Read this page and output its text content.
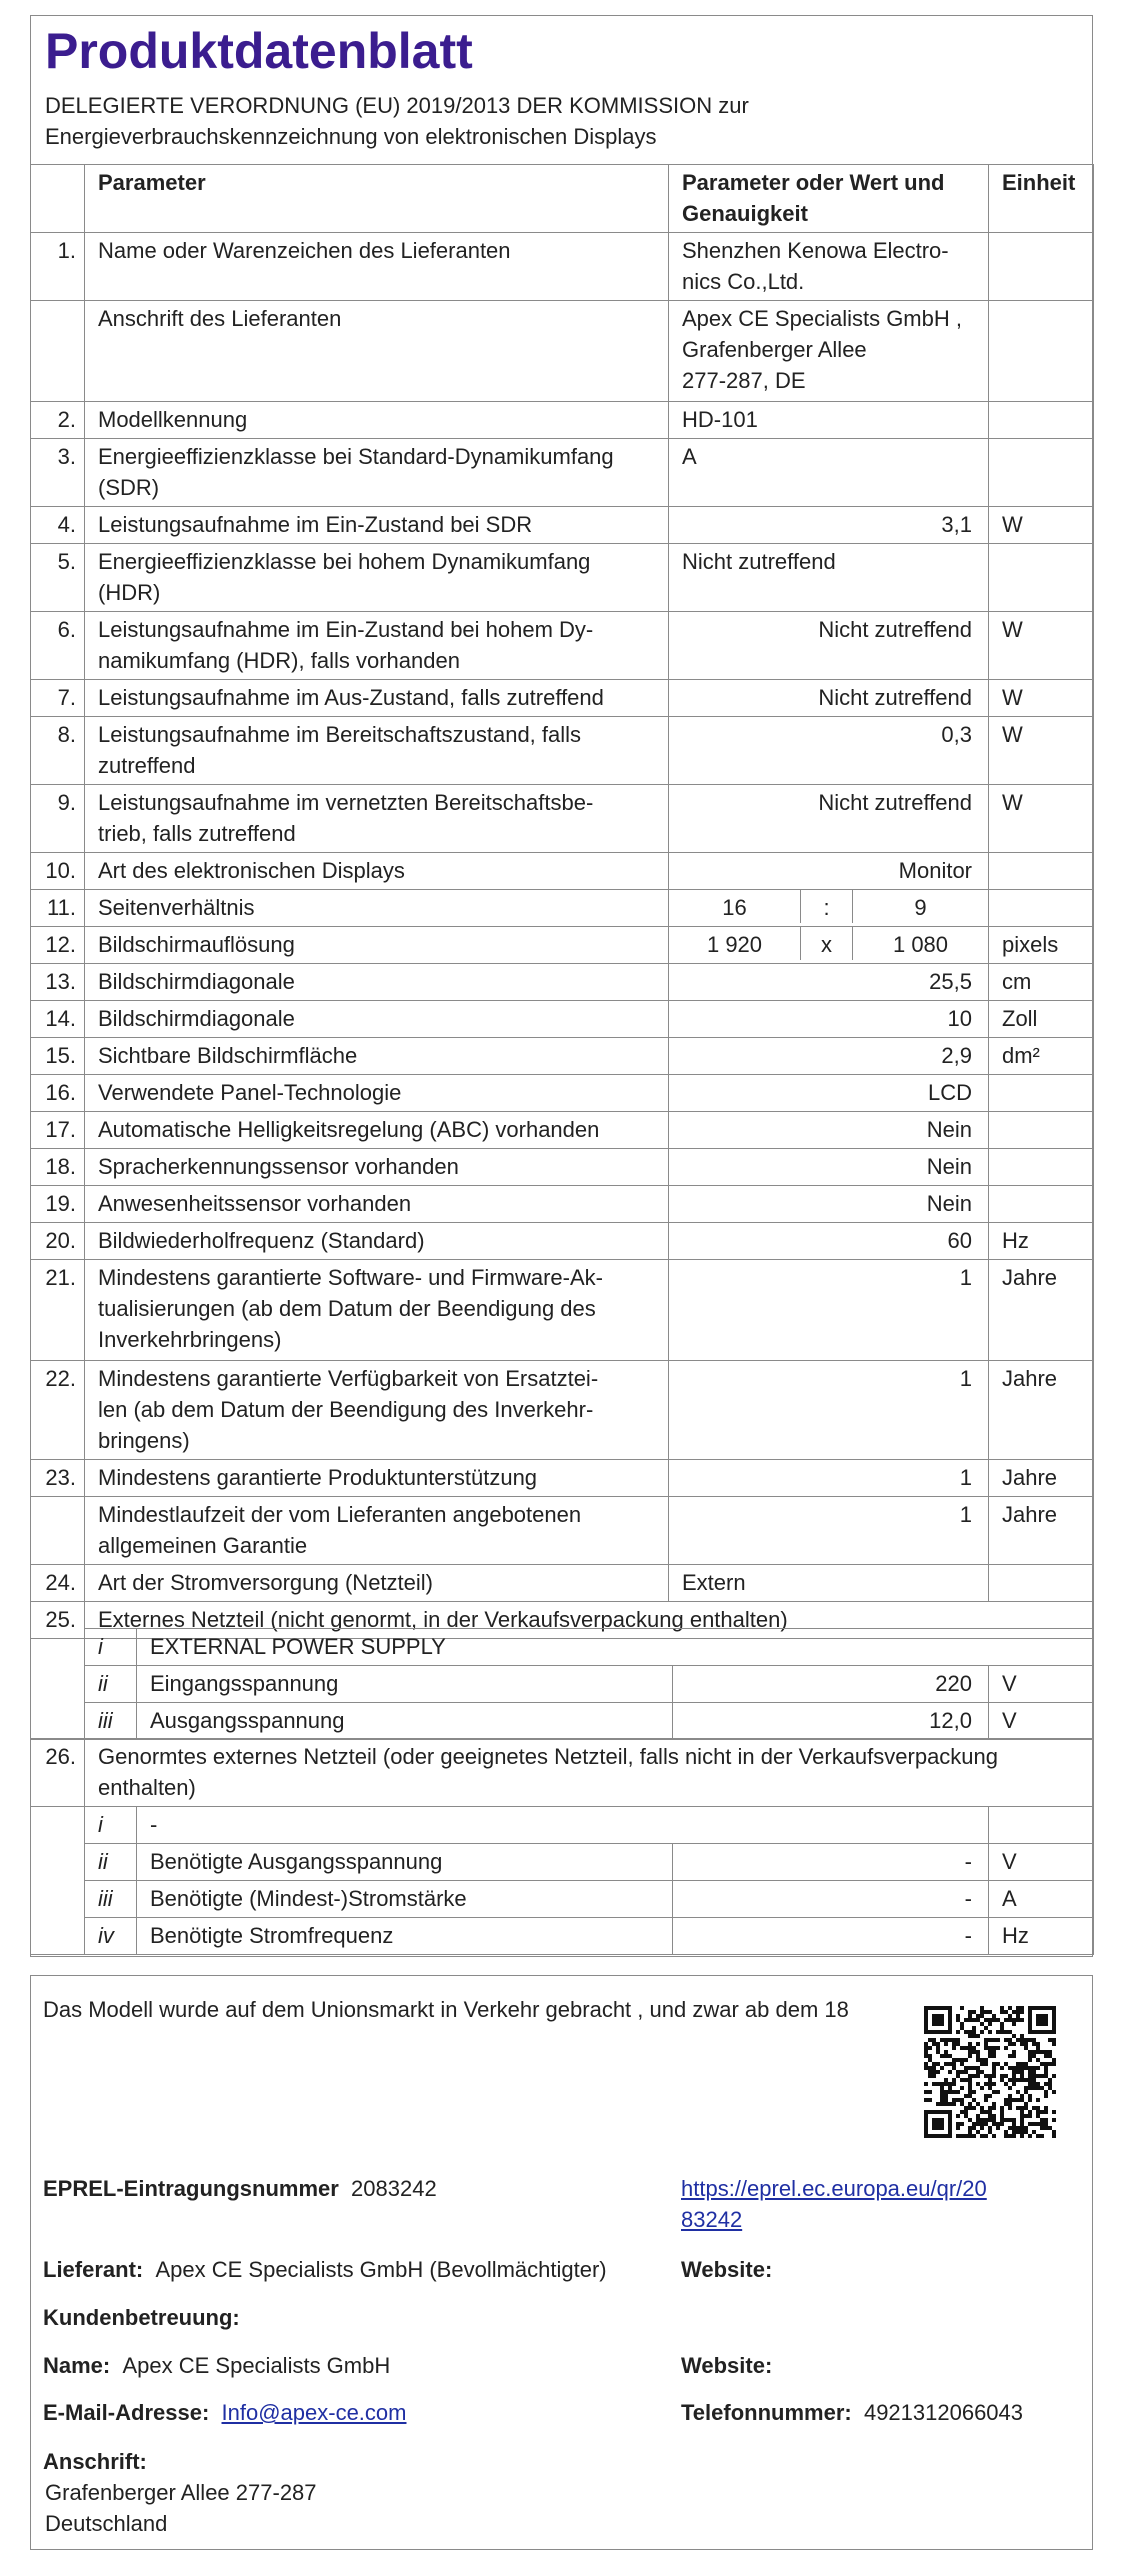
Produktdatenblatt
DELEGIERTE VERORDNUNG (EU) 2019/2013 DER KOMMISSION zur
Energieverbrauchskennzeichnung von elektronischen Displays
	Parameter	Parameter oder Wert und
Genauigkeit	Einheit
1.	Name oder Warenzeichen des Lieferanten	Shenzhen Kenowa Electro-
nics Co.,Ltd.	

	Anschrift des Lieferanten	Apex CE Specialists GmbH ,
Grafenberger Allee
277-287, DE	

2.	Modellkennung	HD-101	

3.	Energieeffizienzklasse bei Standard-Dynamikumfang
(SDR)	A	

4.	Leistungsaufnahme im Ein-Zustand bei SDR	3,1	W
5.	Energieeffizienzklasse bei hohem Dynamikumfang
(HDR)	Nicht zutreffend	

6.	Leistungsaufnahme im Ein-Zustand bei hohem Dy-
namikumfang (HDR), falls vorhanden	Nicht zutreffend	W
7.	Leistungsaufnahme im Aus-Zustand, falls zutreffend	Nicht zutreffend	W
8.	Leistungsaufnahme im Bereitschaftszustand, falls
zutreffend	0,3	W
9.	Leistungsaufnahme im vernetzten Bereitschaftsbe-
trieb, falls zutreffend	Nicht zutreffend	W
10.	Art des elektronischen Displays	Monitor	

11.	Seitenverhältnis	16 : 9	

12.	Bildschirmauflösung	1 920 x 1 080	pixels
13.	Bildschirmdiagonale	25,5	cm
14.	Bildschirmdiagonale	10	Zoll
15.	Sichtbare Bildschirmfläche	2,9	dm²
16.	Verwendete Panel-Technologie	LCD	

17.	Automatische Helligkeitsregelung (ABC) vorhanden	Nein	

18.	Spracherkennungssensor vorhanden	Nein	

19.	Anwesenheitssensor vorhanden	Nein	

20.	Bildwiederholfrequenz (Standard)	60	Hz
21.	Mindestens garantierte Software- und Firmware-Ak-
tualisierungen (ab dem Datum der Beendigung des
Inverkehrbringens)	1	Jahre
22.	Mindestens garantierte Verfügbarkeit von Ersatztei-
len (ab dem Datum der Beendigung des Inverkehr-
bringens)	1	Jahre
23.	Mindestens garantierte Produktunterstützung	1	Jahre

	Mindestlaufzeit der vom Lieferanten angebotenen
allgemeinen Garantie	1	Jahre
24.	Art der Stromversorgung (Netzteil)	Extern	

25.	Externes Netzteil (nicht genormt, in der Verkaufsverpackung enthalten)		
	i	EXTERNAL POWER SUPPLY		
	ii	Eingangsspannung	220	V
	iii	Ausgangsspannung	12,0	V
26.	Genormtes externes Netzteil (oder geeignetes Netzteil, falls nicht in der Verkaufsverpackung
enthalten)			

	i	-		
	ii	Benötigte Ausgangsspannung	-	V
	iii	Benötigte (Mindest-)Stromstärke	-	A
	iv	Benötigte Stromfrequenz	-	Hz
Das Modell wurde auf dem Unionsmarkt in Verkehr gebracht , und zwar ab dem 18
EPREL-Eintragungsnummer 2083242	https://eprel.ec.europa.eu/qr/20
83242
Lieferant: Apex CE Specialists GmbH (Bevollmächtigter)	Website:
Kundenbetreuung:
Name: Apex CE Specialists GmbH	Website:
E-Mail-Adresse: Info@apex-ce.com	Telefonnummer: 4921312066043
Anschrift:
Grafenberger Allee 277-287
Deutschland
